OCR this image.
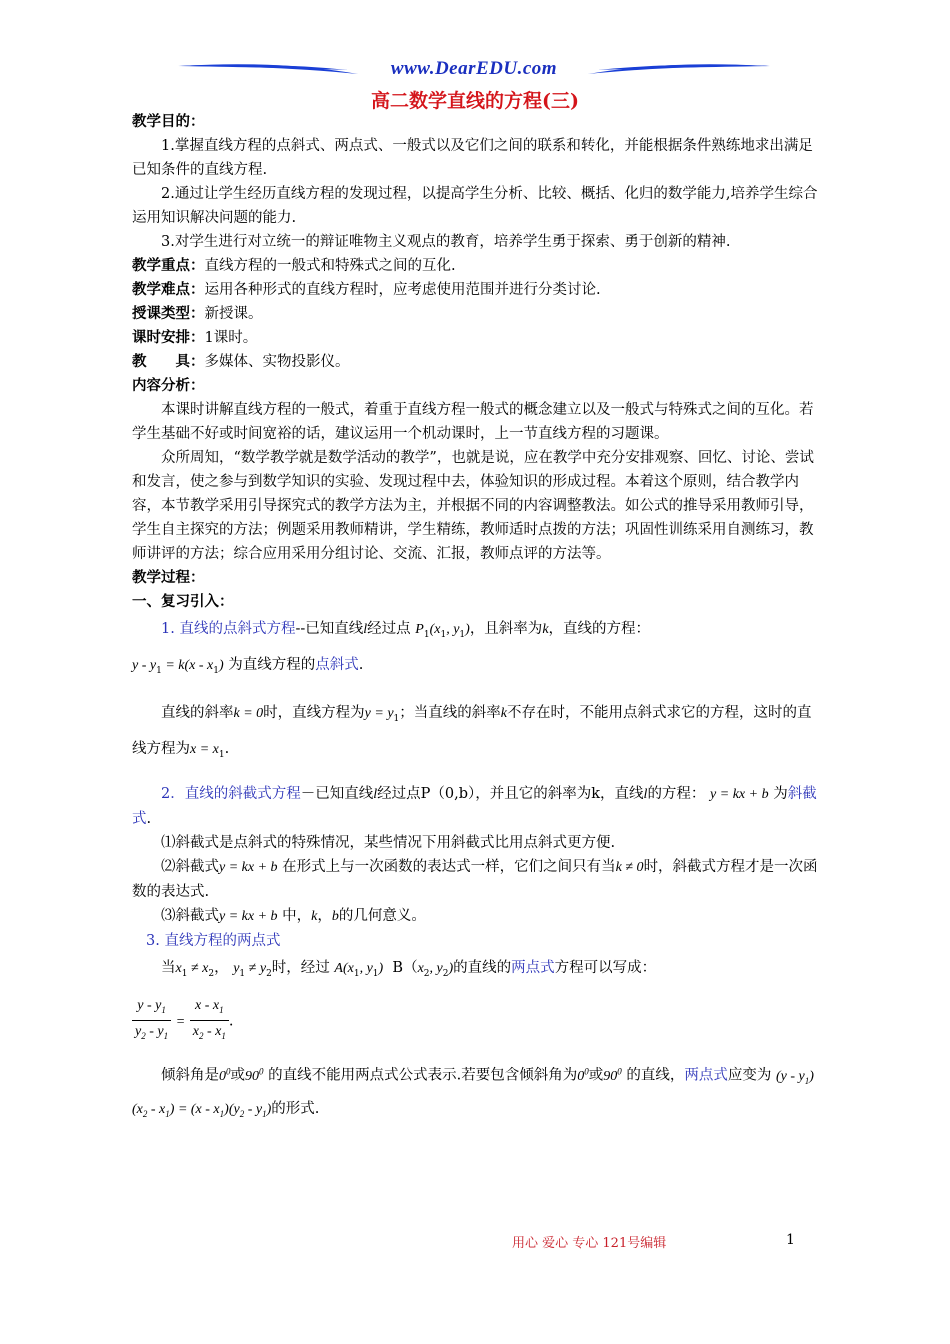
www.DearEDU.com
高二数学直线的方程(三)

教学目的：

1.掌握直线方程的点斜式、两点式、一般式以及它们之间的联系和转化，并能根据条件熟练地求出满足已知条件的直线方程.

2.通过让学生经历直线方程的发现过程，以提高学生分析、比较、概括、化归的数学能力,培养学生综合运用知识解决问题的能力.

3.对学生进行对立统一的辩证唯物主义观点的教育，培养学生勇于探索、勇于创新的精神.

教学重点：直线方程的一般式和特殊式之间的互化.

教学难点：运用各种形式的直线方程时，应考虑使用范围并进行分类讨论.

授课类型：新授课。

课时安排：1课时。

教　　具：多媒体、实物投影仪。

内容分析：

本课时讲解直线方程的一般式，着重于直线方程一般式的概念建立以及一般式与特殊式之间的互化。若学生基础不好或时间宽裕的话，建议运用一个机动课时，上一节直线方程的习题课。

众所周知，“数学教学就是数学活动的教学”，也就是说，应在教学中充分安排观察、回忆、讨论、尝试和发言，使之参与到数学知识的实验、发现过程中去，体验知识的形成过程。本着这个原则，结合教学内容，本节教学采用引导探究式的教学方法为主，并根据不同的内容调整教法。如公式的推导采用教师引导，学生自主探究的方法；例题采用教师精讲，学生精练，教师适时点拨的方法；巩固性训练采用自测练习，教师讲评的方法；综合应用采用分组讨论、交流、汇报，教师点评的方法等。

教学过程：

一、复习引入：

1. 直线的点斜式方程--已知直线l经过点 $P_1(x_1$, $y_1$)，且斜率为k，直线的方程：

$y - y_1 = k(x - x_1)$ 为直线方程的点斜式.

直线的斜率k = 0时，直线方程为$y = y_1$；当直线的斜率k不存在时，不能用点斜式求它的方程，这时的直线方程为$x = x_1$.

2．直线的斜截式方程－已知直线l经过点P（0,b），并且它的斜率为k，直线l的方程： y = kx + b 为斜截式.

⑴斜截式是点斜式的特殊情况，某些情况下用斜截式比用点斜式更方便.

⑵斜截式y = kx + b 在形式上与一次函数的表达式一样，它们之间只有当k ≠ 0时，斜截式方程才是一次函数的表达式.

⑶斜截式y = kx + b 中，k，b的几何意义。

3. 直线方程的两点式

当$x_1 \ne x_2$， $y_1 \ne y_2$时，经过 $A(x_1$, $y_1$) $B(x_2$, $y_2$)的直线的两点式方程可以写成：

$\frac{y - y_1}{y_2 - y_1} = \frac{x - x_1}{x_2 - x_1}$ .

倾斜角是$0^0$或$90^0$ 的直线不能用两点式公式表示.若要包含倾斜角为$0^0$或$90^0$ 的直线，两点式应变为 $(y - y_1)(x_2 - x_1) = (x - x_1)(y_2 - y_1)$的形式.

用心 爱心 专心 121号编辑	1
